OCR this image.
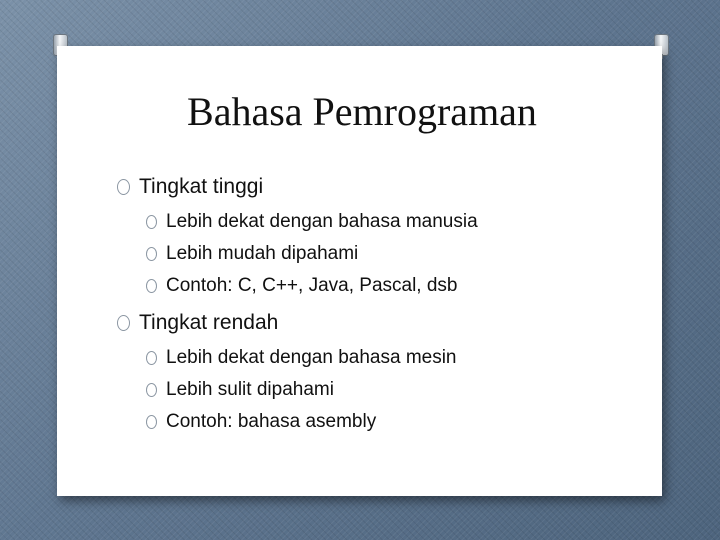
Bahasa Pemrograman
Tingkat tinggi
Lebih dekat dengan bahasa manusia
Lebih mudah dipahami
Contoh: C, C++, Java, Pascal, dsb
Tingkat rendah
Lebih dekat dengan bahasa mesin
Lebih sulit dipahami
Contoh: bahasa asembly
